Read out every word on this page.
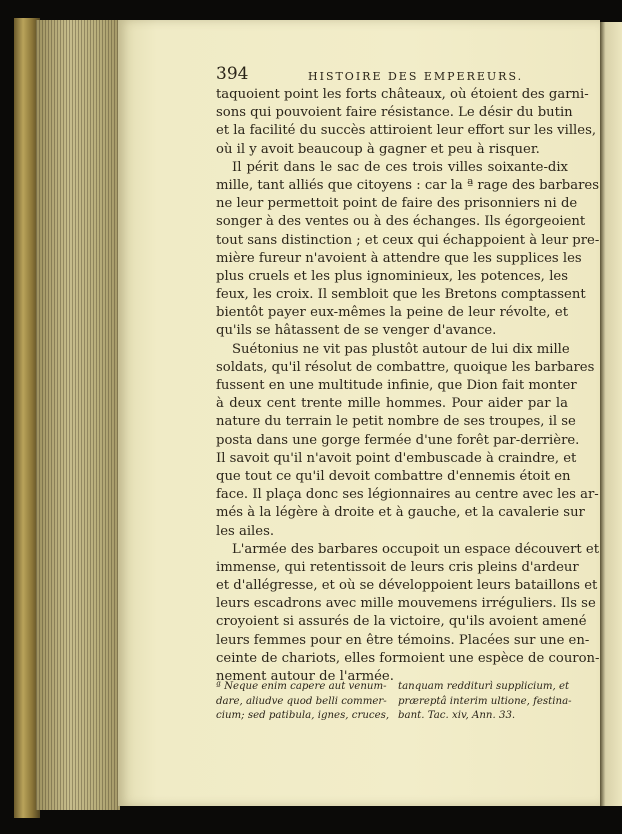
394	HISTOIRE DES EMPEREURS.
taquoient point les forts châteaux, où étoient des garni-
sons qui pouvoient faire résistance. Le désir du butin
et la facilité du succès attiroient leur effort sur les villes,
où il y avoit beaucoup à gagner et peu à risquer.
Il périt dans le sac de ces trois villes soixante-dix
mille, tant alliés que citoyens : car la ª rage des barbares
ne leur permettoit point de faire des prisonniers ni de
songer à des ventes ou à des échanges. Ils égorgeoient
tout sans distinction ; et ceux qui échappoient à leur pre-
mière fureur n'avoient à attendre que les supplices les
plus cruels et les plus ignominieux, les potences, les
feux, les croix. Il sembloit que les Bretons comptassent
bientôt payer eux-mêmes la peine de leur révolte, et
qu'ils se hâtassent de se venger d'avance.
Suétonius ne vit pas plustôt autour de lui dix mille
soldats, qu'il résolut de combattre, quoique les barbares
fussent en une multitude infinie, que Dion fait monter
à deux cent trente mille hommes. Pour aider par la
nature du terrain le petit nombre de ses troupes, il se
posta dans une gorge fermée d'une forêt par-derrière.
Il savoit qu'il n'avoit point d'embuscade à craindre, et
que tout ce qu'il devoit combattre d'ennemis étoit en
face. Il plaça donc ses légionnaires au centre avec les ar-
més à la légère à droite et à gauche, et la cavalerie sur
les ailes.
L'armée des barbares occupoit un espace découvert et
immense, qui retentissoit de leurs cris pleins d'ardeur
et d'allégresse, et où se développoient leurs bataillons et
leurs escadrons avec mille mouvemens irréguliers. Ils se
croyoient si assurés de la victoire, qu'ils avoient amené
leurs femmes pour en être témoins. Placées sur une en-
ceinte de chariots, elles formoient une espèce de couron-
nement autour de l'armée.
ª Neque enim capere aut venum-
dare, aliudve quod belli commer-
cium; sed patibula, ignes, cruces,
tanquam redditurì supplicium, et
præreptâ interim ultione, festina-
bant. Tac. xiv, Ann. 33.
